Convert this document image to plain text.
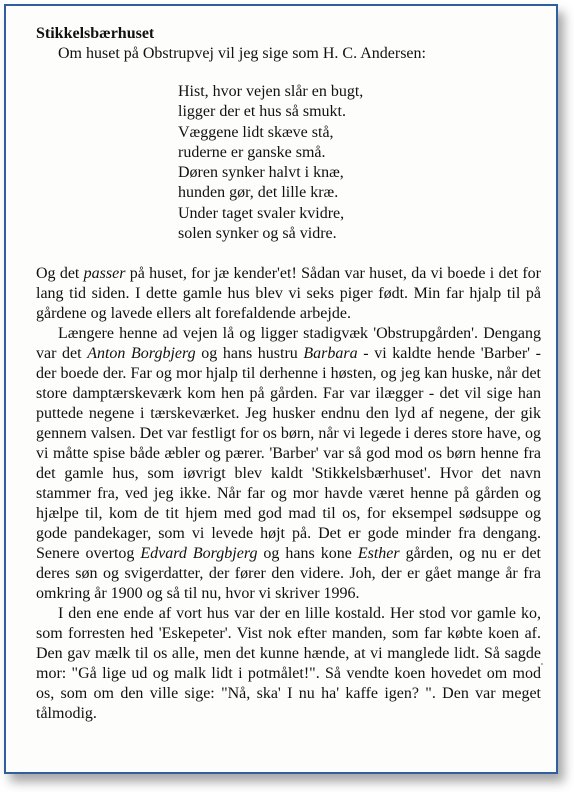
Stikkelsbærhuset

Om huset på Obstrupvej vil jeg sige som H. C. Andersen:

Hist, hvor vejen slår en bugt,
ligger der et hus så smukt.
Væggene lidt skæve stå,
ruderne er ganske små.
Døren synker halvt i knæ,
hunden gør, det lille kræ.
Under taget svaler kvidre,
solen synker og så vidre.

Og det passer på huset, for jæ kender'et! Sådan var huset, da vi boede i det for lang tid siden. I dette gamle hus blev vi seks piger født. Min far hjalp til på gårdene og lavede ellers alt forefaldende arbejde.

Længere henne ad vejen lå og ligger stadigvæk 'Obstrupgården'. Dengang var det Anton Borgbjerg og hans hustru Barbara - vi kaldte hende 'Barber' - der boede der. Far og mor hjalp til derhenne i høsten, og jeg kan huske, når det store damptærskeværk kom hen på gården. Far var ilægger - det vil sige han puttede negene i tærskeværket. Jeg husker endnu den lyd af negene, der gik gennem valsen. Det var festligt for os børn, når vi legede i deres store have, og vi måtte spise både æbler og pærer. 'Barber' var så god mod os børn henne fra det gamle hus, som iøvrigt blev kaldt 'Stikkelsbærhuset'. Hvor det navn stammer fra, ved jeg ikke. Når far og mor havde været henne på gården og hjælpe til, kom de tit hjem med god mad til os, for eksempel sødsuppe og gode pandekager, som vi levede højt på. Det er gode minder fra dengang. Senere overtog Edvard Borgbjerg og hans kone Esther gården, og nu er det deres søn og svigerdatter, der fører den videre. Joh, der er gået mange år fra omkring år 1900 og så til nu, hvor vi skriver 1996.

I den ene ende af vort hus var der en lille kostald. Her stod vor gamle ko, som forresten hed 'Eskepeter'. Vist nok efter manden, som far købte koen af. Den gav mælk til os alle, men det kunne hænde, at vi manglede lidt. Så sagde mor: "Gå lige ud og malk lidt i potmålet!". Så vendte koen hovedet om mod os, som om den ville sige: "Nå, ska' I nu ha' kaffe igen? ". Den var meget tålmodig.
